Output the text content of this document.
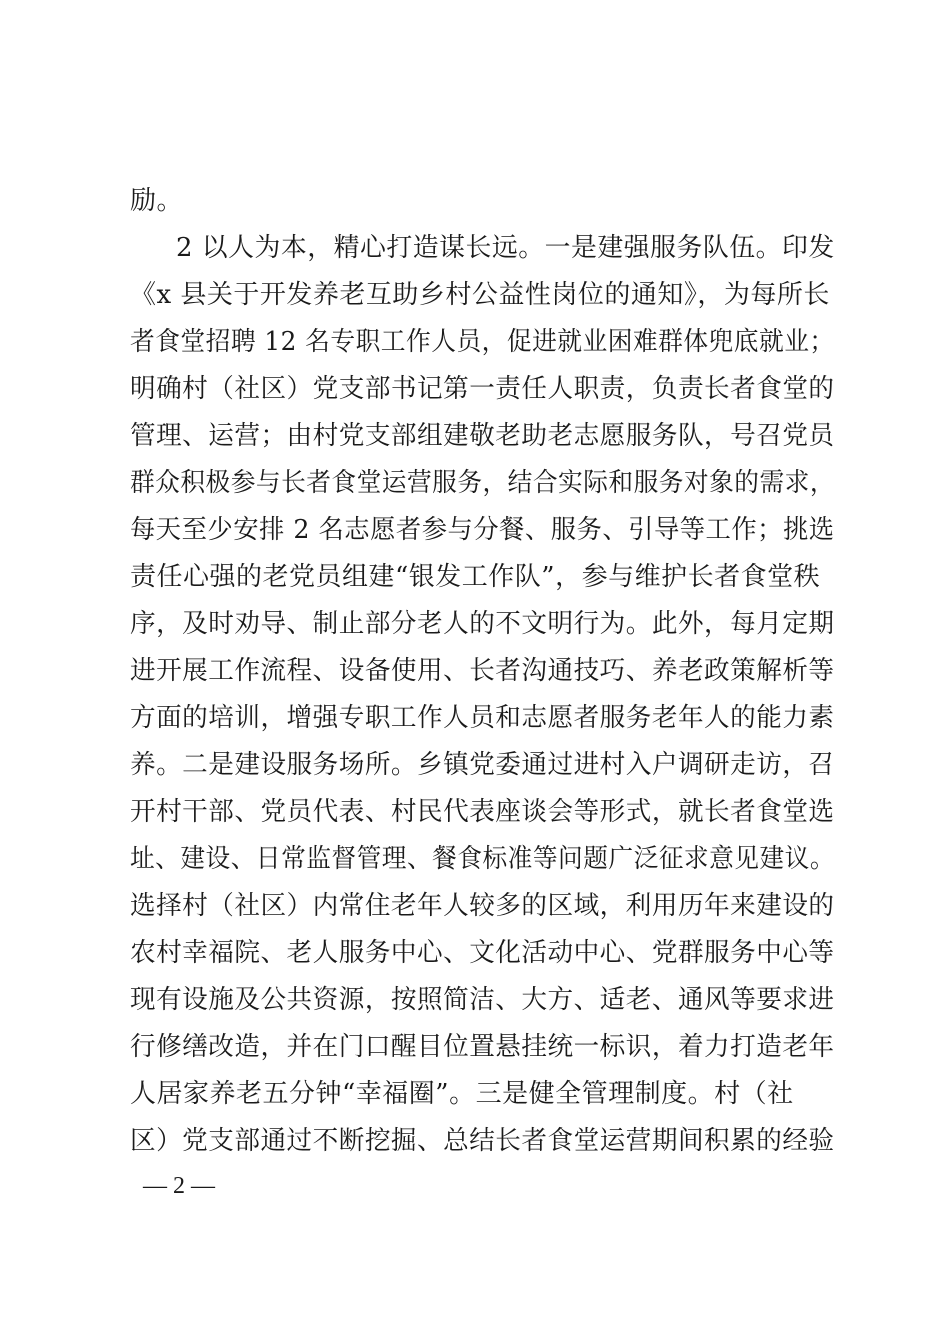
励。
2 以人为本，精心打造谋长远。一是建强服务队伍。印发
《x 县关于开发养老互助乡村公益性岗位的通知》，为每所长
者食堂招聘 12 名专职工作人员，促进就业困难群体兜底就业；
明确村（社区）党支部书记第一责任人职责，负责长者食堂的
管理、运营；由村党支部组建敬老助老志愿服务队，号召党员
群众积极参与长者食堂运营服务，结合实际和服务对象的需求，
每天至少安排 2 名志愿者参与分餐、服务、引导等工作；挑选
责任心强的老党员组建“银发工作队”，参与维护长者食堂秩
序，及时劝导、制止部分老人的不文明行为。此外，每月定期
进开展工作流程、设备使用、长者沟通技巧、养老政策解析等
方面的培训，增强专职工作人员和志愿者服务老年人的能力素
养。二是建设服务场所。乡镇党委通过进村入户调研走访，召
开村干部、党员代表、村民代表座谈会等形式，就长者食堂选
址、建设、日常监督管理、餐食标准等问题广泛征求意见建议。
选择村（社区）内常住老年人较多的区域，利用历年来建设的
农村幸福院、老人服务中心、文化活动中心、党群服务中心等
现有设施及公共资源，按照简洁、大方、适老、通风等要求进
行修缮改造，并在门口醒目位置悬挂统一标识，着力打造老年
人居家养老五分钟“幸福圈”。三是健全管理制度。村（社
区）党支部通过不断挖掘、总结长者食堂运营期间积累的经验
— 2 —
